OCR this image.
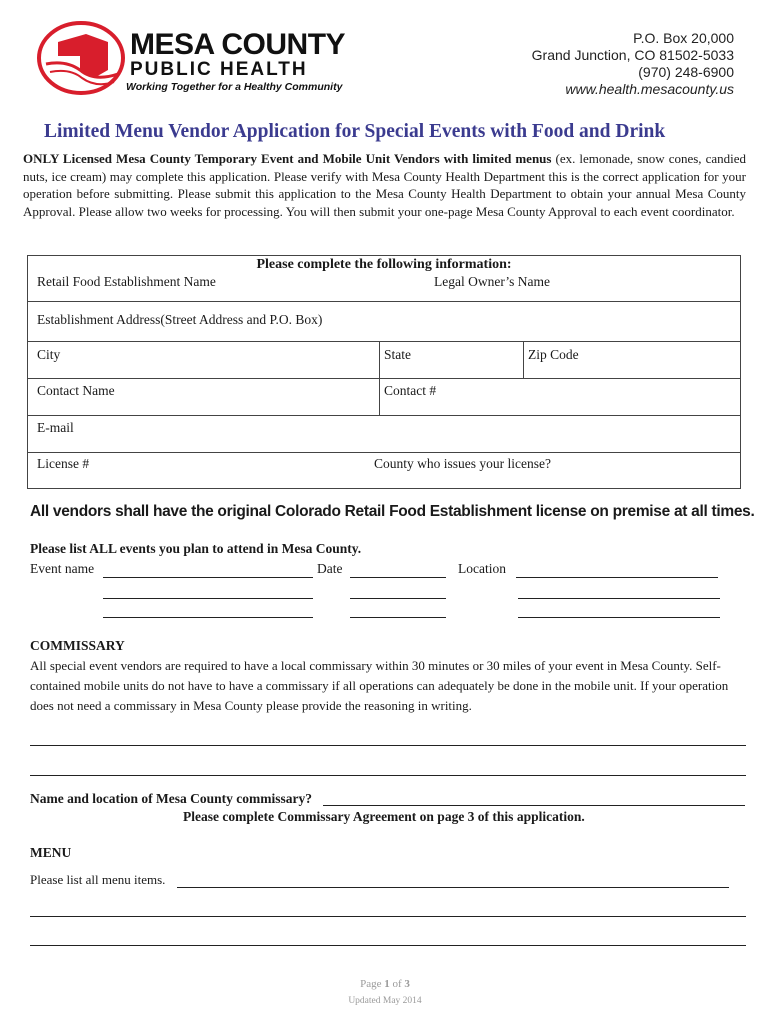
MESA COUNTY
PUBLIC HEALTH
Working Together for a Healthy Community
P.O. Box 20,000
Grand Junction, CO 81502-5033
(970) 248-6900
www.health.mesacounty.us
Limited Menu Vendor Application for Special Events with Food and Drink

ONLY Licensed Mesa County Temporary Event and Mobile Unit Vendors with limited menus (ex. lemonade, snow cones, candied nuts, ice cream) may complete this application. Please verify with Mesa County Health Department this is the correct application for your operation before submitting. Please submit this application to the Mesa County Health Department to obtain your annual Mesa County Approval. Please allow two weeks for processing. You will then submit your one-page Mesa County Approval to each event coordinator.

Please complete the following information:
Retail Food Establishment Name	Legal Owner’s Name
Establishment Address(Street Address and P.O. Box)
City	State	Zip Code
Contact Name	Contact #
E-mail
License #	County who issues your license?
All vendors shall have the original Colorado Retail Food Establishment license on premise at all times.
Please list ALL events you plan to attend in Mesa County.
Event name	Date	Location
COMMISSARY

All special event vendors are required to have a local commissary within 30 minutes or 30 miles of your event in Mesa County. Self-contained mobile units do not have to have a commissary if all operations can adequately be done in the mobile unit. If your operation does not need a commissary in Mesa County please provide the reasoning in writing.

Name and location of Mesa County commissary?
Please complete Commissary Agreement on page 3 of this application.
MENU
Please list all menu items.
Page 1 of 3
Updated May 2014
